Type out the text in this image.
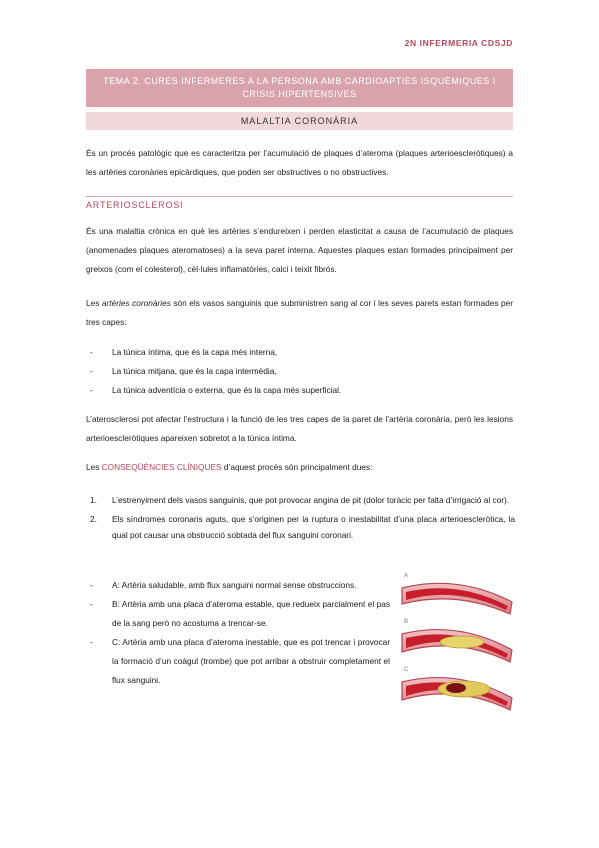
2N INFERMERIA CDSJD
TEMA 2. CURES INFERMERES A LA PERSONA AMB CARDIOAPTIES ISQUÈMIQUES I
CRISIS HIPERTENSIVES
MALALTIA CORONÀRIA
És un procés patològic que es caracteritza per l’acumulació de plaques d’ateroma (plaques arterioescleròtiques) a les artèries coronàries epicàrdiques, que poden ser obstructives o no obstructives.
ARTERIOSCLEROSI
És una malaltia crònica en què les artèries s’endureixen i perden elasticitat a causa de l’acumulació de plaques (anomenades plaques ateromatoses) a la seva paret interna. Aquestes plaques estan formades principalment per greixos (com el colesterol), cèl·lules inflamatòries, calci i teixit fibrós.
Les artèries coronàries són els vasos sanguinis que subministren sang al cor i les seves parets estan formades per tres capes:
- La túnica íntima, que és la capa més interna,
- La túnica mitjana, que és la capa intermèdia,
- La túnica adventícia o externa, que és la capa més superficial.
L’aterosclerosi pot afectar l’estructura i la funció de les tres capes de la paret de l’artèria coronària, però les lesions arterioescleròtiques apareixen sobretot a la túnica íntima.
Les CONSEQÜÈNCIES CLÍNIQUES d’aquest procés són principalment dues:
1. L’estrenyiment dels vasos sanguinis, que pot provocar angina de pit (dolor toràcic per falta d’irrigació al cor).
2. Els síndromes coronaris aguts, que s’originen per la ruptura o inestabilitat d’una placa arterioescleròtica, la qual pot causar una obstrucció sobtada del flux sanguini coronari.
- A: Artèria saludable, amb flux sanguini normal sense obstruccions.
- B: Artèria amb una placa d’ateroma estable, que redueix parcialment el pas de la sang però no acostuma a trencar-se.
- C: Artèria amb una placa d’ateroma inestable, que es pot trencar i provocar la formació d’un coàgul (trombe) que pot arribar a obstruir completament el flux sanguini.
A
B
C
